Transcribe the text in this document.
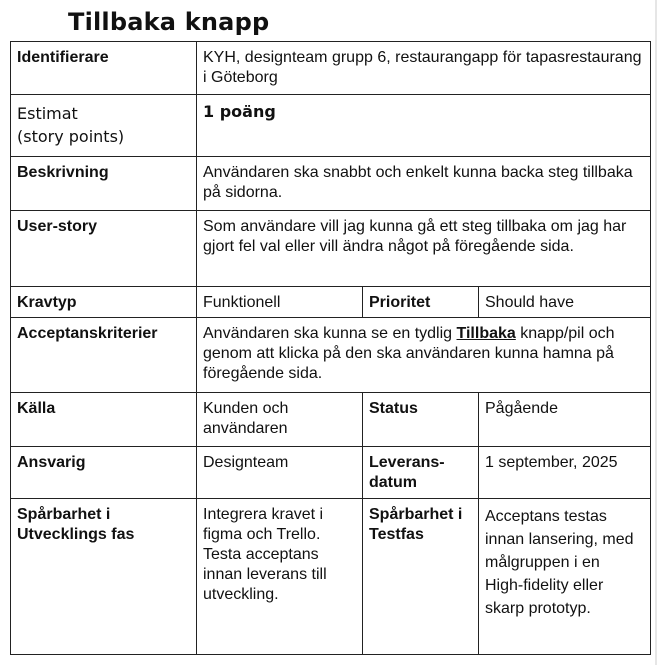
Tillbaka knapp
Identifierare	KYH, designteam grupp 6, restaurangapp för tapasrestaurang i Göteborg		

Estimat
(story points)	1 poäng		
Beskrivning	Användaren ska snabbt och enkelt kunna backa steg tillbaka på sidorna.		
User-story	Som användare vill jag kunna gå ett steg tillbaka om jag har gjort fel val eller vill ändra något på föregående sida.		
Kravtyp	Funktionell	Prioritet	Should have
Acceptanskriterier	Användaren ska kunna se en tydlig Tillbaka knapp/pil och genom att klicka på den ska användaren kunna hamna på föregående sida.		
Källa	Kunden och användaren	Status	Pågående
Ansvarig	Designteam	Leverans-datum	1 september, 2025
Spårbarhet i Utvecklings fas	Integrera kravet i figma och Trello. Testa acceptans innan leverans till utveckling.	Spårbarhet i Testfas	Acceptans testas innan lansering, med målgruppen i en High-fidelity eller skarp prototyp.
